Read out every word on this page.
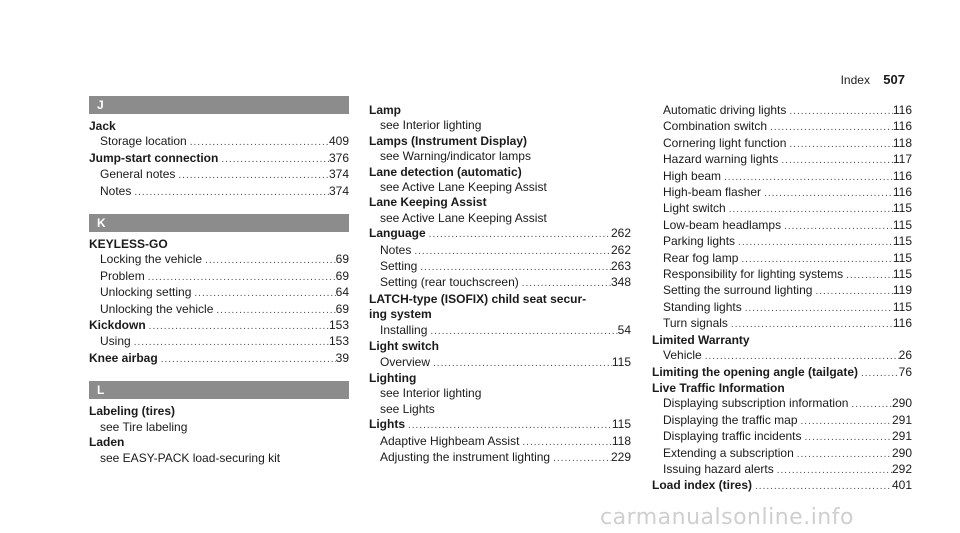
Index 507
J
Jack
Storage location .....	409
Jump-start connection .....	376
General notes .....	374
Notes .....	374
K
KEYLESS-GO
Locking the vehicle .....	69
Problem .....	69
Unlocking setting .....	64
Unlocking the vehicle .....	69
Kickdown .....	153
Using .....	153
Knee airbag .....	39
L
Labeling (tires)
see Tire labeling
Laden
see EASY-PACK load-securing kit
Lamp
see Interior lighting
Lamps (Instrument Display)
see Warning/indicator lamps
Lane detection (automatic)
see Active Lane Keeping Assist
Lane Keeping Assist
see Active Lane Keeping Assist
Language .....	262
Notes .....	262
Setting .....	263
Setting (rear touchscreen) .....	348
LATCH-type (ISOFIX) child seat secur-
ing system
Installing .....	54
Light switch
Overview .....	115
Lighting
see Interior lighting
see Lights
Lights .....	115
Adaptive Highbeam Assist .....	118
Adjusting the instrument lighting .....	229
Automatic driving lights .....	116
Combination switch .....	116
Cornering light function .....	118
Hazard warning lights .....	117
High beam .....	116
High-beam flasher .....	116
Light switch .....	115
Low-beam headlamps .....	115
Parking lights .....	115
Rear fog lamp .....	115
Responsibility for lighting systems .....	115
Setting the surround lighting .....	119
Standing lights .....	115
Turn signals .....	116
Limited Warranty
Vehicle .....	26
Limiting the opening angle (tailgate) .....	76
Live Traffic Information
Displaying subscription information .....	290
Displaying the traffic map .....	291
Displaying traffic incidents .....	291
Extending a subscription .....	290
Issuing hazard alerts .....	292
Load index (tires) .....	401
carmanualsonline.info
